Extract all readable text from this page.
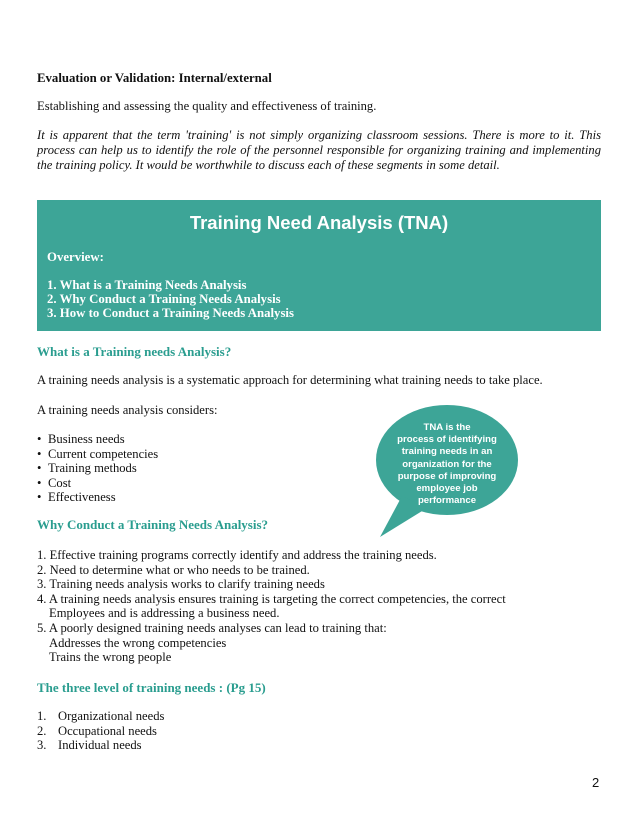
Evaluation or Validation: Internal/external
Establishing and assessing the quality and effectiveness of training.
It is apparent that the term 'training' is not simply organizing classroom sessions. There is more to it. This process can help us to identify the role of the personnel responsible for organizing training and implementing the training policy. It would be worthwhile to discuss each of these segments in some detail.
Training Need Analysis (TNA)
Overview:
1. What is a Training Needs Analysis
2. Why Conduct a Training Needs Analysis
3. How to Conduct a Training Needs Analysis
What is a Training needs Analysis?
A training needs analysis is a systematic approach for determining what training needs to take place.
A training needs analysis considers:
• Business needs
• Current competencies
• Training methods
• Cost
• Effectiveness
TNA is the
process of identifying
training needs in an
organization for the
purpose of improving
employee job
performance
Why Conduct a Training Needs Analysis?
1. Effective training programs correctly identify and address the training needs.
2. Need to determine what or who needs to be trained.
3. Training needs analysis works to clarify training needs
4. A training needs analysis ensures training is targeting the correct competencies, the correct
Employees and is addressing a business need.
5. A poorly designed training needs analyses can lead to training that:
Addresses the wrong competencies
Trains the wrong people
The three level of training needs : (Pg 15)
1. Organizational needs
2. Occupational needs
3. Individual needs
2
